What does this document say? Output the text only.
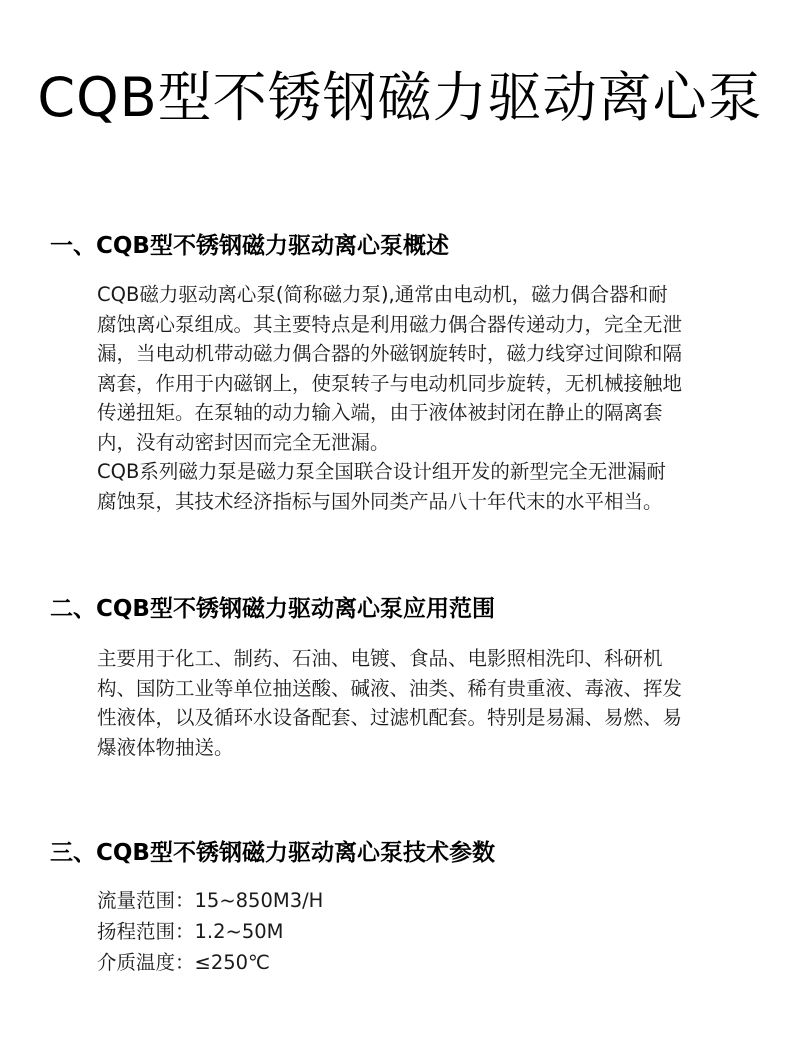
CQB型不锈钢磁力驱动离心泵
一、CQB型不锈钢磁力驱动离心泵概述
CQB磁力驱动离心泵(简称磁力泵),通常由电动机，磁力偶合器和耐
腐蚀离心泵组成。其主要特点是利用磁力偶合器传递动力，完全无泄
漏，当电动机带动磁力偶合器的外磁钢旋转时，磁力线穿过间隙和隔
离套，作用于内磁钢上，使泵转子与电动机同步旋转，无机械接触地
传递扭矩。在泵轴的动力输入端，由于液体被封闭在静止的隔离套
内，没有动密封因而完全无泄漏。
CQB系列磁力泵是磁力泵全国联合设计组开发的新型完全无泄漏耐
腐蚀泵，其技术经济指标与国外同类产品八十年代末的水平相当。
二、CQB型不锈钢磁力驱动离心泵应用范围
主要用于化工、制药、石油、电镀、食品、电影照相洗印、科研机
构、国防工业等单位抽送酸、碱液、油类、稀有贵重液、毒液、挥发
性液体，以及循环水设备配套、过滤机配套。特别是易漏、易燃、易
爆液体物抽送。
三、CQB型不锈钢磁力驱动离心泵技术参数
流量范围：15~850M3/H
扬程范围：1.2~50M
介质温度：≤250℃
